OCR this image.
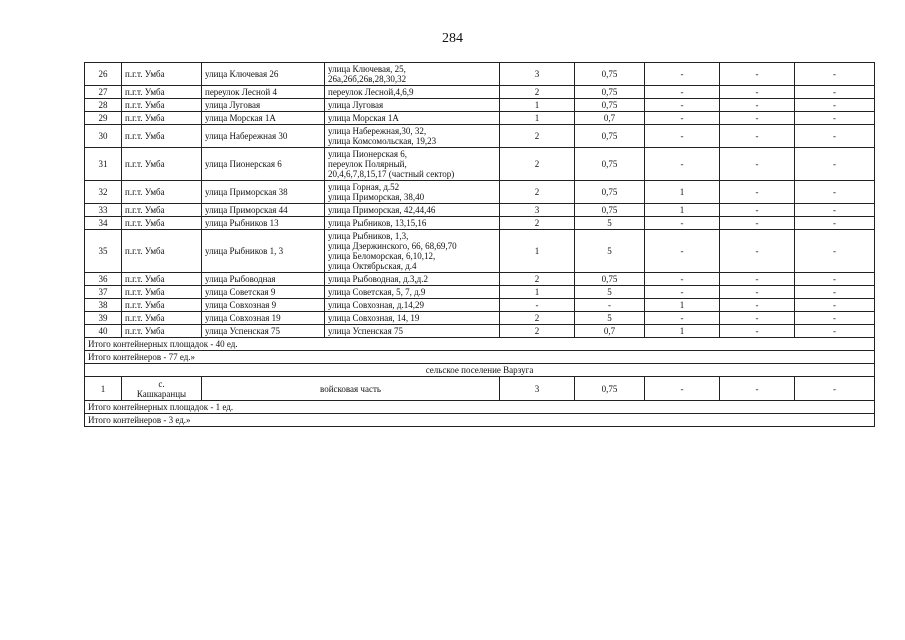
284
26	п.г.т. Умба	улица Ключевая 26	улица Ключевая, 25,
26а,26б,26в,28,30,32	3	0,75	-	-	-
27	п.г.т. Умба	переулок Лесной 4	переулок Лесной,4,6,9	2	0,75	-	-	-
28	п.г.т. Умба	улица Луговая	улица Луговая	1	0,75	-	-	-
29	п.г.т. Умба	улица Морская 1А	улица Морская 1А	1	0,7	-	-	-
30	п.г.т. Умба	улица Набережная 30	улица Набережная,30, 32,
улица Комсомольская, 19,23	2	0,75	-	-	-
31	п.г.т. Умба	улица Пионерская 6	улица Пионерская 6,
переулок Полярный,
20,4,6,7,8,15,17 (частный сектор)	2	0,75	-	-	-
32	п.г.т. Умба	улица Приморская 38	улица Горная, д.52
улица Приморская, 38,40	2	0,75	1	-	-
33	п.г.т. Умба	улица Приморская 44	улица Приморская, 42,44,46	3	0,75	1	-	-
34	п.г.т. Умба	улица Рыбников 13	улица Рыбников, 13,15,16	2	5	-	-	-
35	п.г.т. Умба	улица Рыбников 1, 3	улица Рыбников, 1,3,
улица Дзержинского, 66, 68,69,70
улица Беломорская, 6,10,12,
улица Октябрьская, д.4	1	5	-	-	-
36	п.г.т. Умба	улица Рыбоводная	улица Рыбоводная, д.3,д.2	2	0,75	-	-	-
37	п.г.т. Умба	улица Советская 9	улица Советская, 5, 7, д.9	1	5	-	-	-
38	п.г.т. Умба	улица Совхозная 9	улица Совхозная, д.14,29	-	-	1	-	-
39	п.г.т. Умба	улица Совхозная 19	улица Совхозная, 14, 19	2	5	-	-	-
40	п.г.т. Умба	улица Успенская 75	улица Успенская 75	2	0,7	1	-	-
Итого контейнерных площадок - 40 ед.								
Итого контейнеров - 77 ед.»								
сельское поселение Варзуга								
1	с.
Кашкаранцы	войсковая часть		3	0,75	-	-	-
Итого контейнерных площадок - 1 ед.								
Итого контейнеров - 3 ед.»								
